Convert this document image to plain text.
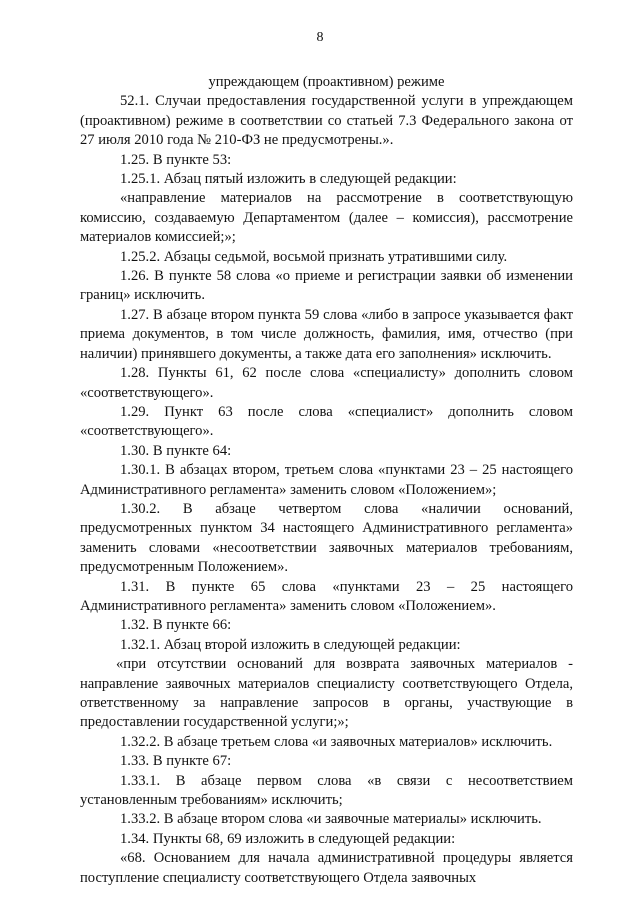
8

упреждающем (проактивном) режиме

52.1. Случаи предоставления государственной услуги в упреждающем (проактивном) режиме в соответствии со статьей 7.3 Федерального закона от 27 июля 2010 года № 210-ФЗ не предусмотрены.».

1.25. В пункте 53:

1.25.1. Абзац пятый изложить в следующей редакции:

«направление материалов на рассмотрение в соответствующую комиссию, создаваемую Департаментом (далее – комиссия), рассмотрение материалов комиссией;»;

1.25.2. Абзацы седьмой, восьмой признать утратившими силу.

1.26. В пункте 58 слова «о приеме и регистрации заявки об изменении границ» исключить.

1.27. В абзаце втором пункта 59 слова «либо в запросе указывается факт приема документов, в том числе должность, фамилия, имя, отчество (при наличии) принявшего документы, а также дата его заполнения» исключить.

1.28. Пункты 61, 62 после слова «специалисту» дополнить словом «соответствующего».

1.29. Пункт 63 после слова «специалист» дополнить словом «соответствующего».

1.30. В пункте 64:

1.30.1. В абзацах втором, третьем слова «пунктами 23 – 25 настоящего Административного регламента» заменить словом «Положением»;

1.30.2. В абзаце четвертом слова «наличии оснований, предусмотренных пунктом 34 настоящего Административного регламента» заменить словами «несоответствии заявочных материалов требованиям, предусмотренным Положением».

1.31. В пункте 65 слова «пунктами 23 – 25 настоящего Административного регламента» заменить словом «Положением».

1.32. В пункте 66:

1.32.1. Абзац второй изложить в следующей редакции:

«при отсутствии оснований для возврата заявочных материалов - направление заявочных материалов специалисту соответствующего Отдела, ответственному за направление запросов в органы, участвующие в предоставлении государственной услуги;»;

1.32.2. В абзаце третьем слова «и заявочных материалов» исключить.

1.33. В пункте 67:

1.33.1. В абзаце первом слова «в связи с несоответствием установленным требованиям» исключить;

1.33.2. В абзаце втором слова «и заявочные материалы» исключить.

1.34. Пункты 68, 69 изложить в следующей редакции:

«68. Основанием для начала административной процедуры является поступление специалисту соответствующего Отдела заявочных
